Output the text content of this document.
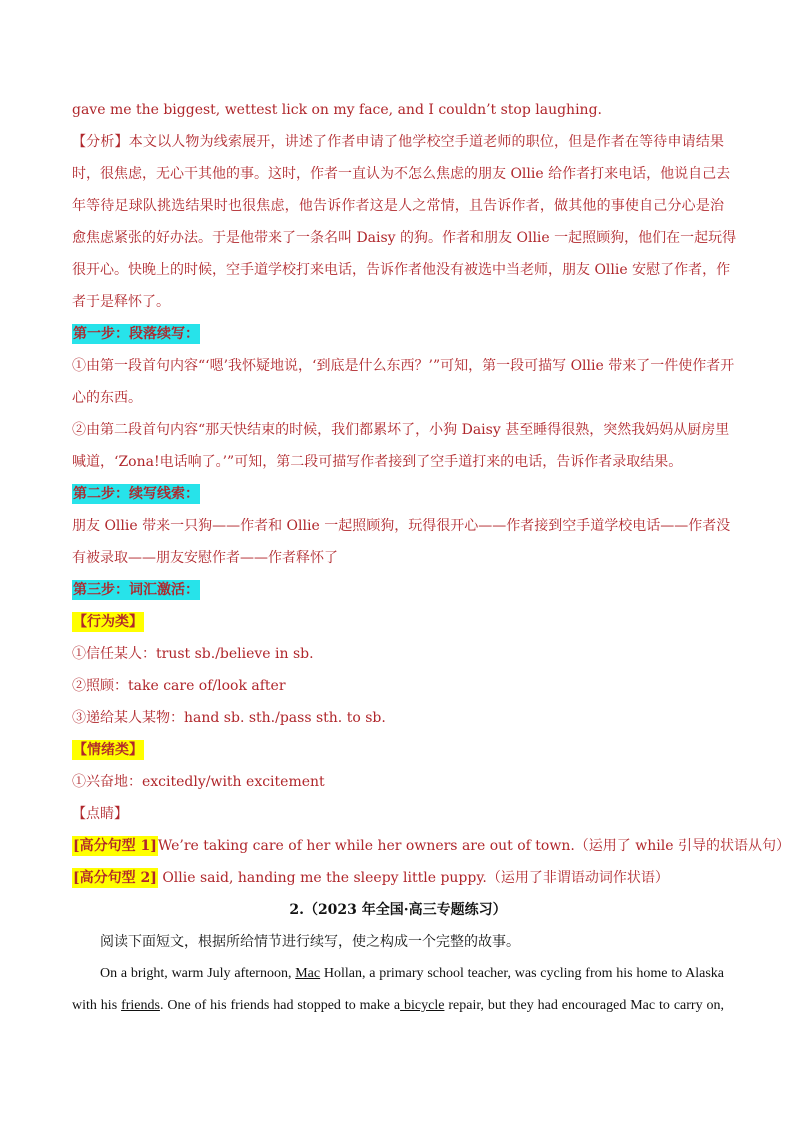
gave me the biggest, wettest lick on my face, and I couldn’t stop laughing.
【分析】本文以人物为线索展开，讲述了作者申请了他学校空手道老师的职位，但是作者在等待申请结果
时，很焦虑，无心干其他的事。这时，作者一直认为不怎么焦虑的朋友 Ollie 给作者打来电话，他说自己去
年等待足球队挑选结果时也很焦虑，他告诉作者这是人之常情，且告诉作者，做其他的事使自己分心是治
愈焦虑紧张的好办法。于是他带来了一条名叫 Daisy 的狗。作者和朋友 Ollie 一起照顾狗，他们在一起玩得
很开心。快晚上的时候，空手道学校打来电话，告诉作者他没有被选中当老师，朋友 Ollie 安慰了作者，作
者于是释怀了。
第一步：段落续写：
①由第一段首句内容“‘嗯’我怀疑地说，‘到底是什么东西？’”可知，第一段可描写 Ollie 带来了一件使作者开
心的东西。
②由第二段首句内容“那天快结束的时候，我们都累坏了，小狗 Daisy 甚至睡得很熟，突然我妈妈从厨房里
喊道，‘Zona!电话响了。’”可知，第二段可描写作者接到了空手道打来的电话，告诉作者录取结果。
第二步：续写线索：
朋友 Ollie 带来一只狗——作者和 Ollie 一起照顾狗，玩得很开心——作者接到空手道学校电话——作者没
有被录取——朋友安慰作者——作者释怀了
第三步：词汇激活：
【行为类】
①信任某人：trust sb./believe in sb.
②照顾：take care of/look after
③递给某人某物：hand sb. sth./pass sth. to sb.
【情绪类】
①兴奋地：excitedly/with excitement
【点睛】
[高分句型 1]We’re taking care of her while her owners are out of town.（运用了 while 引导的状语从句）
[高分句型 2] Ollie said, handing me the sleepy little puppy.（运用了非谓语动词作状语）
2.（2023 年全国·高三专题练习）
阅读下面短文，根据所给情节进行续写，使之构成一个完整的故事。
On a bright, warm July afternoon, Mac Hollan, a primary school teacher, was cycling from his home to Alaska
with his friends. One of his friends had stopped to make a bicycle repair, but they had encouraged Mac to carry on,
